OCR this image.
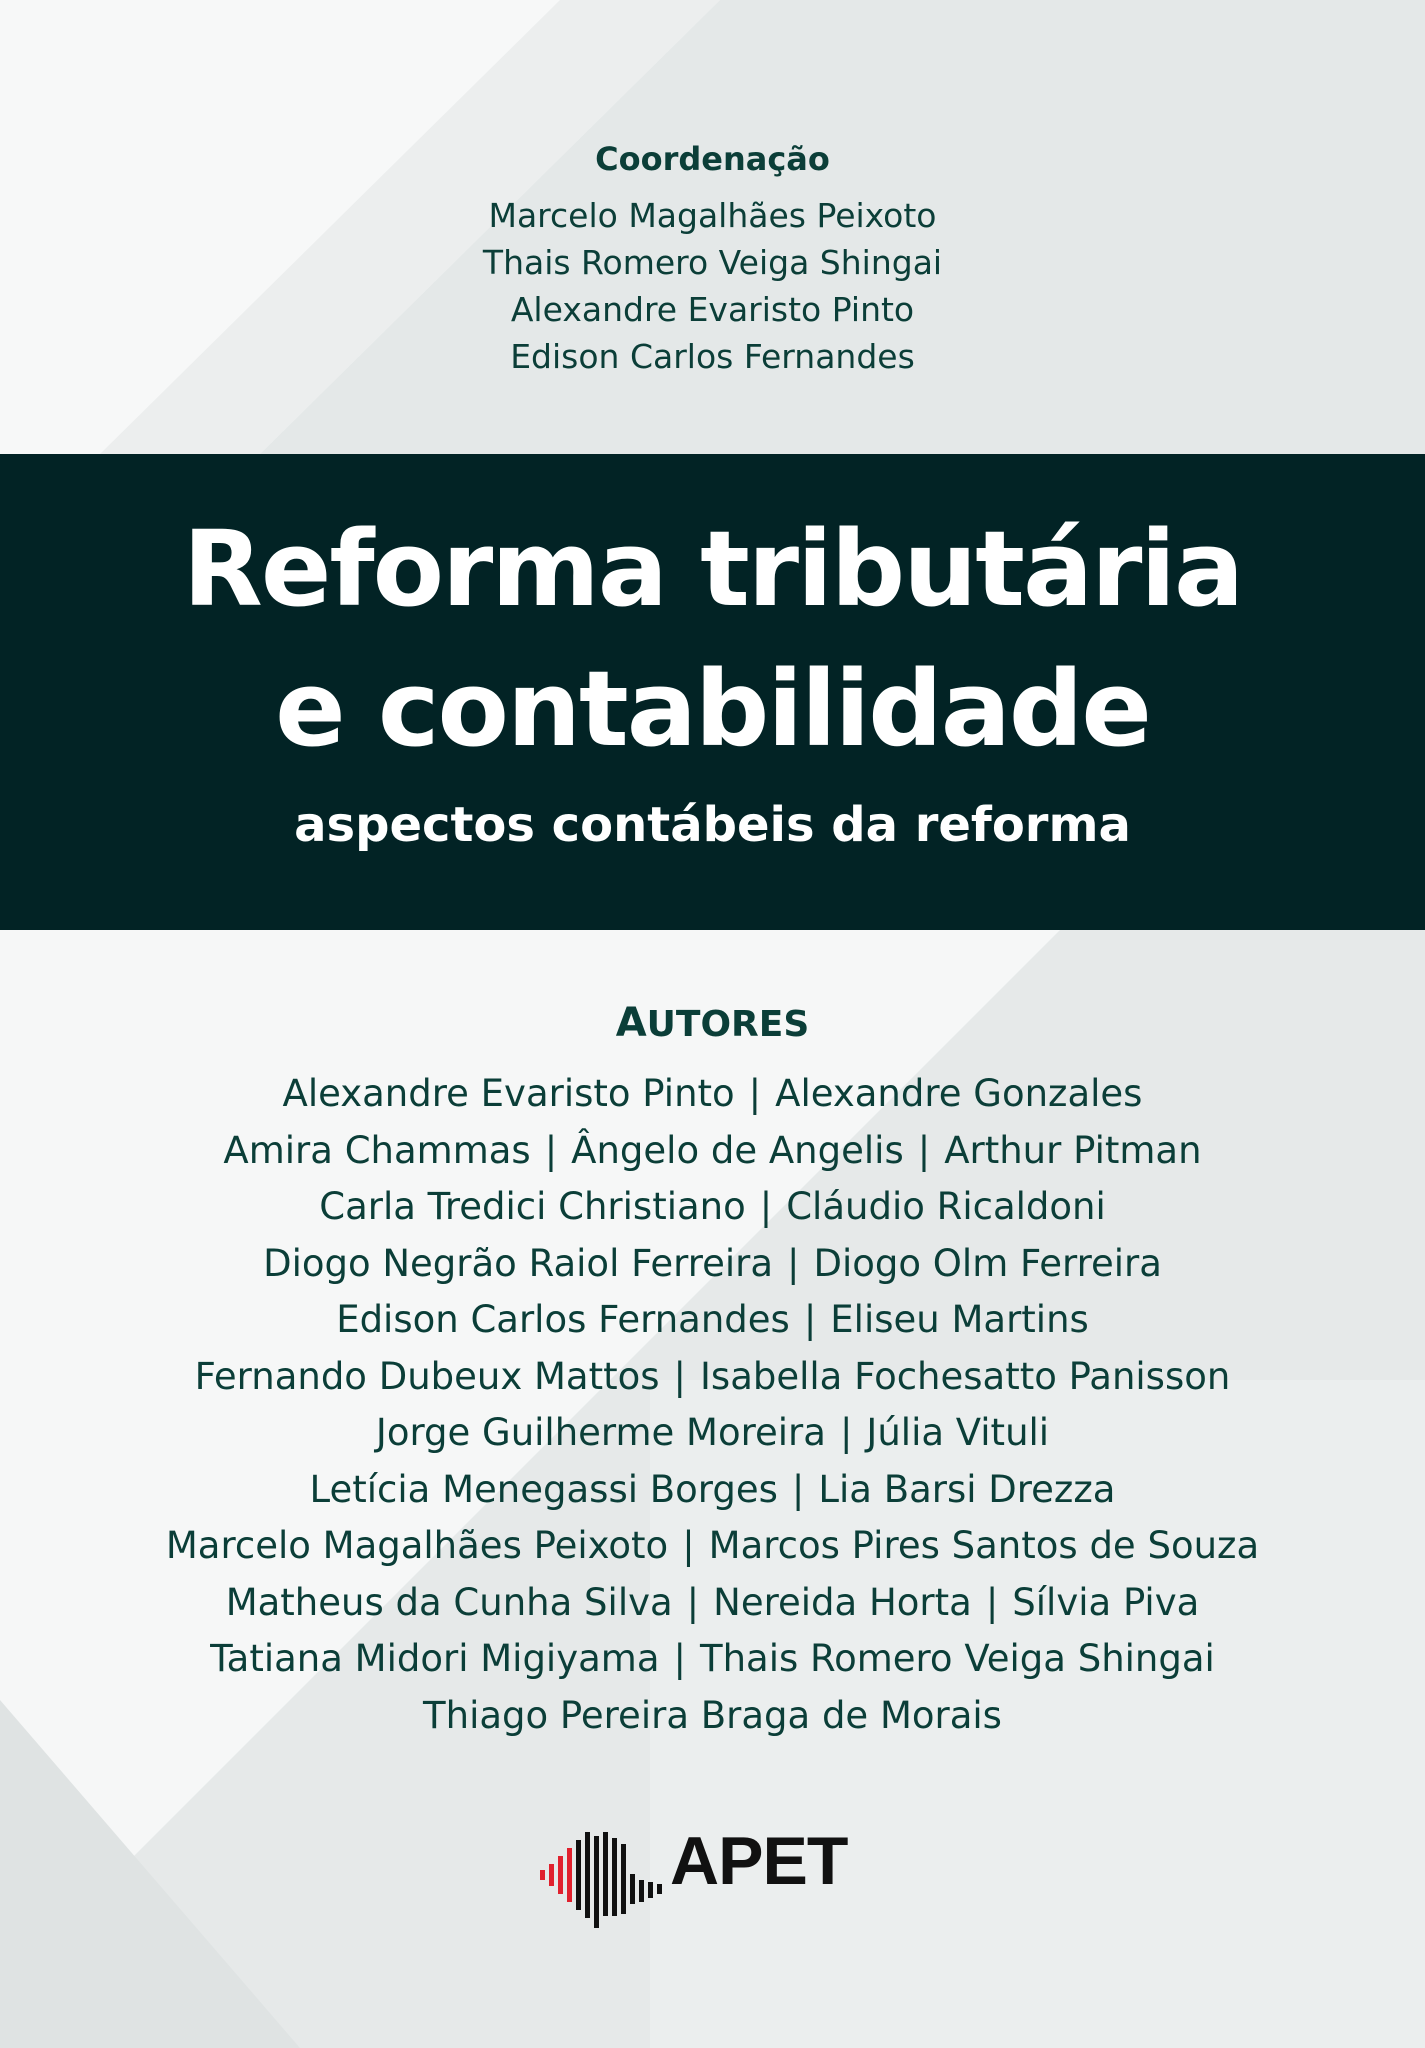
Coordenação
Marcelo Magalhães Peixoto
Thais Romero Veiga Shingai
Alexandre Evaristo Pinto
Edison Carlos Fernandes
Reforma tributária
e contabilidade
aspectos contábeis da reforma
AUTORES
Alexandre Evaristo Pinto | Alexandre Gonzales
Amira Chammas | Ângelo de Angelis | Arthur Pitman
Carla Tredici Christiano | Cláudio Ricaldoni
Diogo Negrão Raiol Ferreira | Diogo Olm Ferreira
Edison Carlos Fernandes | Eliseu Martins
Fernando Dubeux Mattos | Isabella Fochesatto Panisson
Jorge Guilherme Moreira | Júlia Vituli
Letícia Menegassi Borges | Lia Barsi Drezza
Marcelo Magalhães Peixoto | Marcos Pires Santos de Souza
Matheus da Cunha Silva | Nereida Horta | Sílvia Piva
Tatiana Midori Migiyama | Thais Romero Veiga Shingai
Thiago Pereira Braga de Morais
APET
